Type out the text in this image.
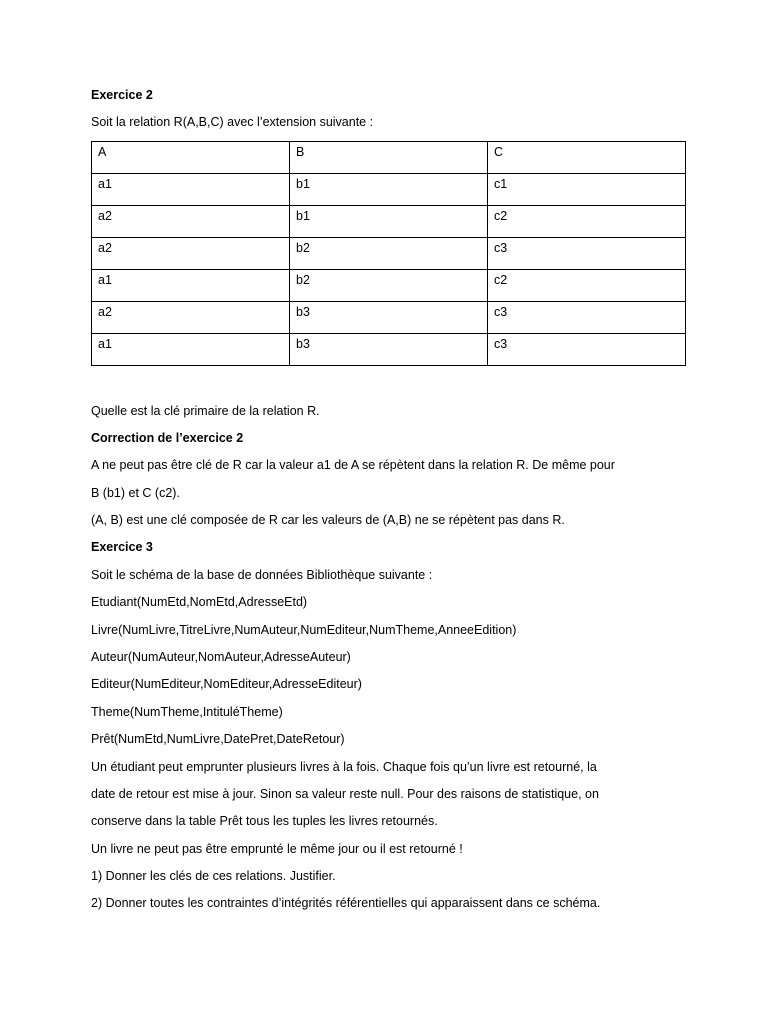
Exercice 2
Soit la relation R(A,B,C) avec l’extension suivante :
A	B	C
a1	b1	c1
a2	b1	c2
a2	b2	c3
a1	b2	c2
a2	b3	c3
a1	b3	c3
Quelle est la clé primaire de la relation R.
Correction de l’exercice 2
A ne peut pas être clé de R car la valeur a1 de A se répètent dans la relation R. De même pour
B (b1) et C (c2).
(A, B) est une clé composée de R car les valeurs de (A,B) ne se répètent pas dans R.
Exercice 3
Soit le schéma de la base de données Bibliothèque suivante :
Etudiant(NumEtd,NomEtd,AdresseEtd)
Livre(NumLivre,TitreLivre,NumAuteur,NumEditeur,NumTheme,AnneeEdition)
Auteur(NumAuteur,NomAuteur,AdresseAuteur)
Editeur(NumEditeur,NomEditeur,AdresseEditeur)
Theme(NumTheme,IntituléTheme)
Prêt(NumEtd,NumLivre,DatePret,DateRetour)
Un étudiant peut emprunter plusieurs livres à la fois. Chaque fois qu’un livre est retourné, la
date de retour est mise à jour. Sinon sa valeur reste null. Pour des raisons de statistique, on
conserve dans la table Prêt tous les tuples les livres retournés.
Un livre ne peut pas être emprunté le même jour ou il est retourné !
1) Donner les clés de ces relations. Justifier.
2) Donner toutes les contraintes d’intégrités référentielles qui apparaissent dans ce schéma.
